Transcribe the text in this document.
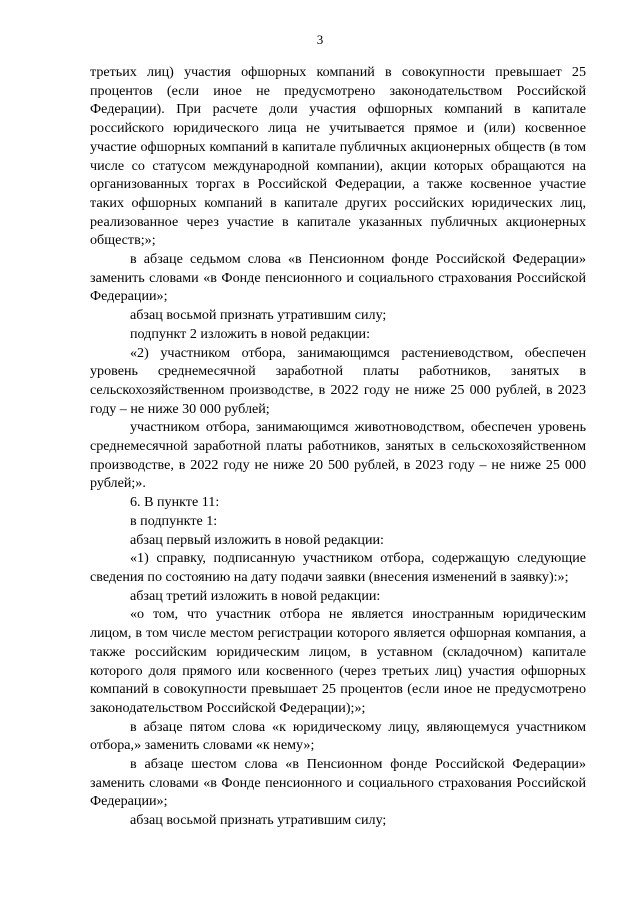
3

третьих лиц) участия офшорных компаний в совокупности превышает 25 процентов (если иное не предусмотрено законодательством Российской Федерации). При расчете доли участия офшорных компаний в капитале российского юридического лица не учитывается прямое и (или) косвенное участие офшорных компаний в капитале публичных акционерных обществ (в том числе со статусом международной компании), акции которых обращаются на организованных торгах в Российской Федерации, а также косвенное участие таких офшорных компаний в капитале других российских юридических лиц, реализованное через участие в капитале указанных публичных акционерных обществ;»;

в абзаце седьмом слова «в Пенсионном фонде Российской Федерации» заменить словами «в Фонде пенсионного и социального страхования Российской Федерации»;

абзац восьмой признать утратившим силу;

подпункт 2 изложить в новой редакции:

«2) участником отбора, занимающимся растениеводством, обеспечен уровень среднемесячной заработной платы работников, занятых в сельскохозяйственном производстве, в 2022 году не ниже 25 000 рублей, в 2023 году – не ниже 30 000 рублей;

участником отбора, занимающимся животноводством, обеспечен уровень среднемесячной заработной платы работников, занятых в сельскохозяйственном производстве, в 2022 году не ниже 20 500 рублей, в 2023 году – не ниже 25 000 рублей;».

6. В пункте 11:

в подпункте 1:

абзац первый изложить в новой редакции:

«1) справку, подписанную участником отбора, содержащую следующие сведения по состоянию на дату подачи заявки (внесения изменений в заявку):»;

абзац третий изложить в новой редакции:

«о том, что участник отбора не является иностранным юридическим лицом, в том числе местом регистрации которого является офшорная компания, а также российским юридическим лицом, в уставном (складочном) капитале которого доля прямого или косвенного (через третьих лиц) участия офшорных компаний в совокупности превышает 25 процентов (если иное не предусмотрено законодательством Российской Федерации);»;

в абзаце пятом слова «к юридическому лицу, являющемуся участником отбора,» заменить словами «к нему»;

в абзаце шестом слова «в Пенсионном фонде Российской Федерации» заменить словами «в Фонде пенсионного и социального страхования Российской Федерации»;

абзац восьмой признать утратившим силу;
